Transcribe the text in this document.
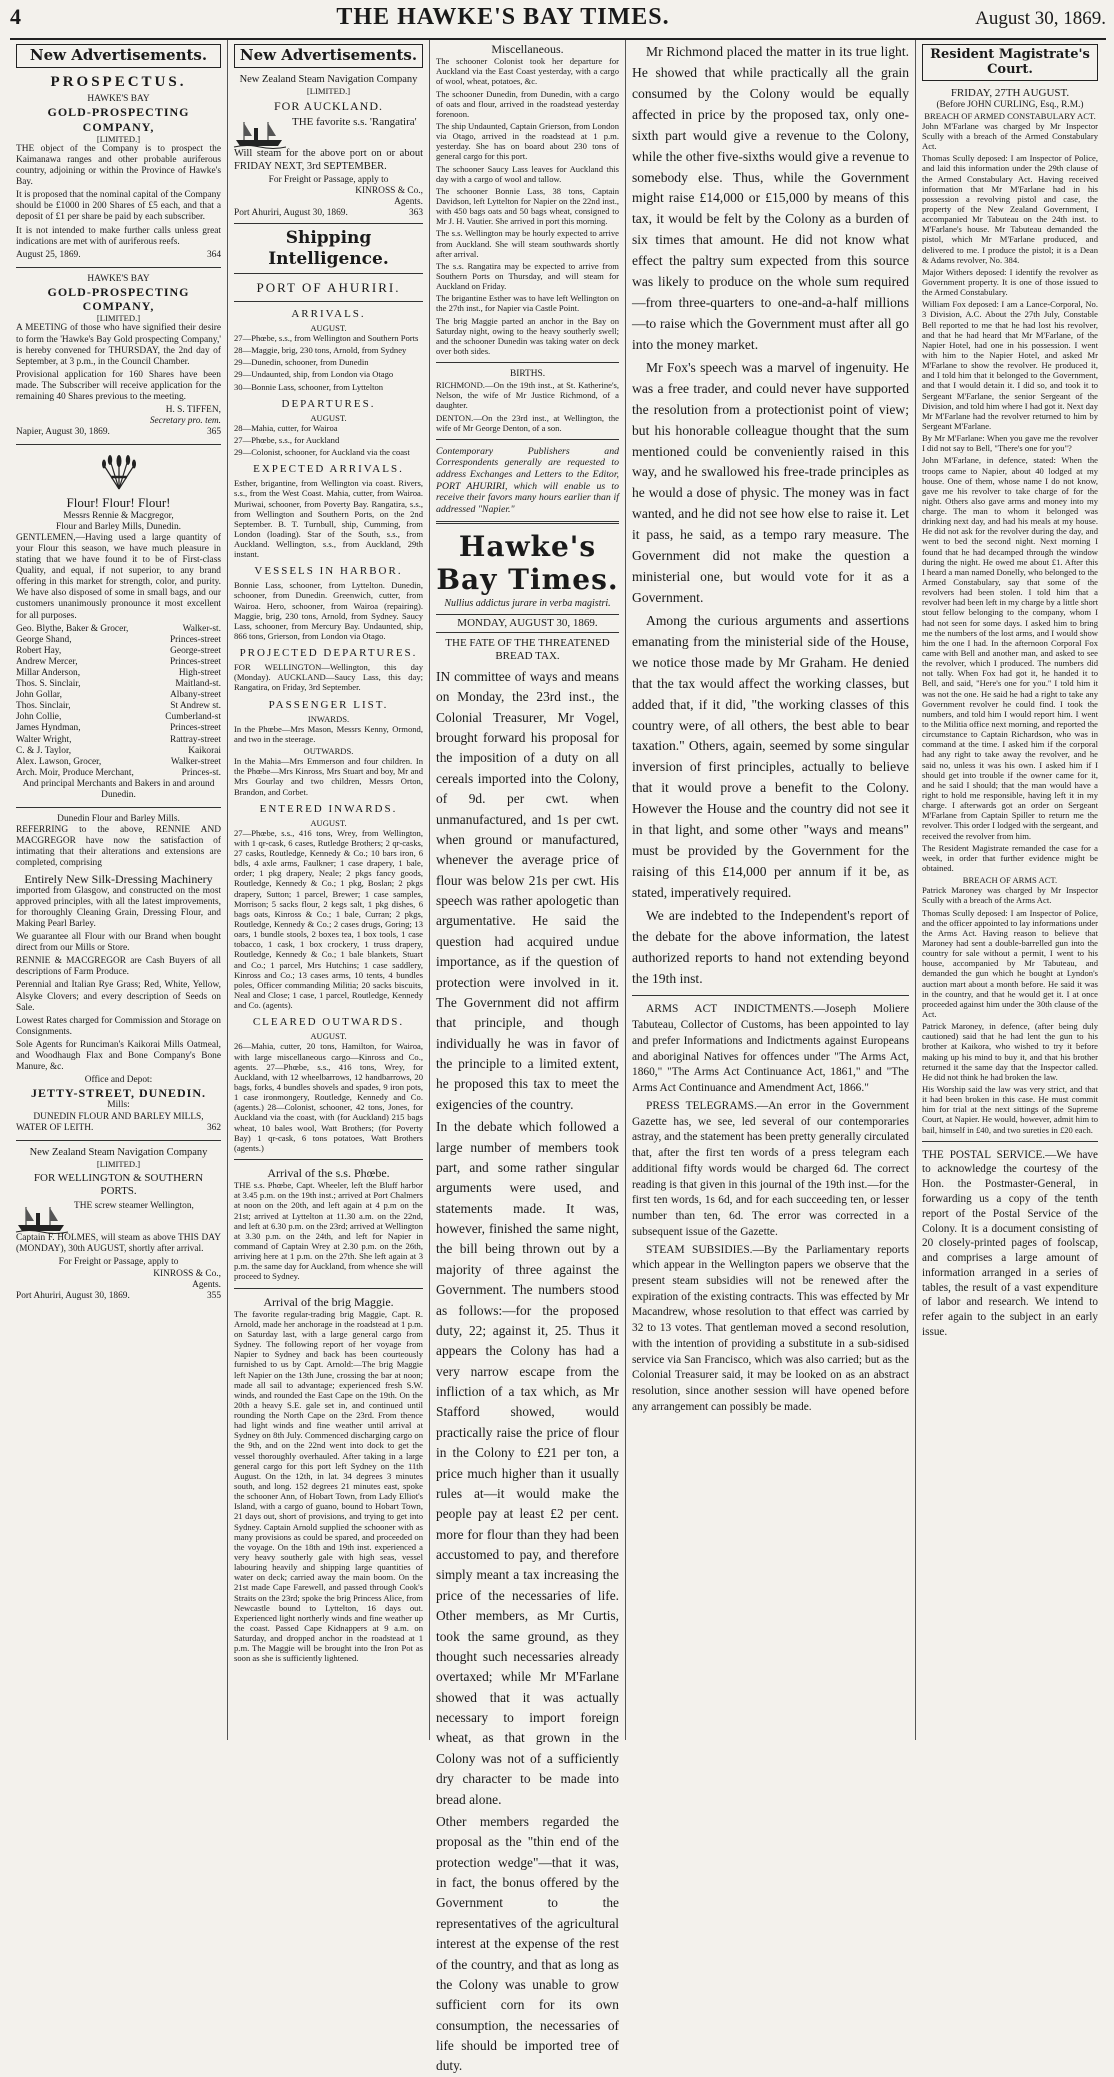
4	THE HAWKE'S BAY TIMES.	August 30, 1869.
New Advertisements.
PROSPECTUS.
HAWKE'S BAY
GOLD-PROSPECTING COMPANY,
[LIMITED.]

THE object of the Company is to prospect the Kaimanawa ranges and other probable auriferous country, adjoining or within the Province of Hawke's Bay.

It is proposed that the nominal capital of the Company should be £1000 in 200 Shares of £5 each, and that a deposit of £1 per share be paid by each subscriber.

It is not intended to make further calls unless great indications are met with of auriferous reefs.

August 25, 1869.	364
HAWKE'S BAY
GOLD-PROSPECTING COMPANY,
[LIMITED.]

A MEETING of those who have signified their desire to form the 'Hawke's Bay Gold prospecting Company,' is hereby convened for THURSDAY, the 2nd day of September, at 3 p.m., in the Council Chamber.

Provisional application for 160 Shares have been made. The Subscriber will receive application for the remaining 40 Shares previous to the meeting.

H. S. TIFFEN,
Secretary pro. tem.
Napier, August 30, 1869.	365
Flour! Flour! Flour!
Messrs Rennie & Macgregor,
Flour and Barley Mills, Dunedin.

GENTLEMEN,—Having used a large quantity of your Flour this season, we have much pleasure in stating that we have found it to be of First-class Quality, and equal, if not superior, to any brand offering in this market for strength, color, and purity. We have also disposed of some in small bags, and our customers unanimously pronounce it most excellent for all purposes.

Geo. Blythe, Baker & Grocer,	Walker-st.
George Shand,	Princes-street
Robert Hay,	George-street
Andrew Mercer,	Princes-street
Millar Anderson,	High-street
Thos. S. Sinclair,	Maitland-st.
John Gollar,	Albany-street
Thos. Sinclair,	St Andrew st.
John Collie,	Cumberland-st
James Hyndman,	Princes-street
Walter Wright,	Rattray-street
C. & J. Taylor,	Kaikorai
Alex. Lawson, Grocer,	Walker-street
Arch. Moir, Produce Merchant,	Princes-st.
And principal Merchants and Bakers in and around Dunedin.
Dunedin Flour and Barley Mills.

REFERRING to the above, RENNIE AND MACGREGOR have now the satisfaction of intimating that their alterations and extensions are completed, comprising

Entirely New Silk-Dressing Machinery

imported from Glasgow, and constructed on the most approved principles, with all the latest improvements, for thoroughly Cleaning Grain, Dressing Flour, and Making Pearl Barley.

We guarantee all Flour with our Brand when bought direct from our Mills or Store.

RENNIE & MACGREGOR are Cash Buyers of all descriptions of Farm Produce.

Perennial and Italian Rye Grass; Red, White, Yellow, Alsyke Clovers; and every description of Seeds on Sale.

Lowest Rates charged for Commission and Storage on Consignments.

Sole Agents for Runciman's Kaikorai Mills Oatmeal, and Woodhaugh Flax and Bone Company's Bone Manure, &c.

Office and Depot:
JETTY-STREET, DUNEDIN.
Mills:
DUNEDIN FLOUR AND BARLEY MILLS,
WATER OF LEITH.	362
New Zealand Steam Navigation Company
[LIMITED.]
FOR WELLINGTON & SOUTHERN PORTS.

THE screw steamer Wellington,

Captain F. HOLMES, will steam as above THIS DAY (MONDAY), 30th AUGUST, shortly after arrival.

For Freight or Passage, apply to
KINROSS & Co.,
Agents.
Port Ahuriri, August 30, 1869.	355
New Advertisements.
New Zealand Steam Navigation Company
[LIMITED.]
FOR AUCKLAND.

THE favorite s.s. 'Rangatira'

Will steam for the above port on or about FRIDAY NEXT, 3rd SEPTEMBER.

For Freight or Passage, apply to
KINROSS & Co.,
Agents.
Port Ahuriri, August 30, 1869.	363
Shipping Intelligence.
PORT OF AHURIRI.
ARRIVALS.
AUGUST.

27—Phœbe, s.s., from Wellington and Southern Ports

28—Maggie, brig, 230 tons, Arnold, from Sydney

29—Dunedin, schooner, from Dunedin

29—Undaunted, ship, from London via Otago

30—Bonnie Lass, schooner, from Lyttelton

DEPARTURES.
AUGUST.

28—Mahia, cutter, for Wairoa

27—Phœbe, s.s., for Auckland

29—Colonist, schooner, for Auckland via the coast

EXPECTED ARRIVALS.

Esther, brigantine, from Wellington via coast. Rivers, s.s., from the West Coast. Mahia, cutter, from Wairoa. Muriwai, schooner, from Poverty Bay. Rangatira, s.s., from Wellington and Southern Ports, on the 2nd September. B. T. Turnbull, ship, Cumming, from London (loading). Star of the South, s.s., from Auckland. Wellington, s.s., from Auckland, 29th instant.

VESSELS IN HARBOR.

Bonnie Lass, schooner, from Lyttelton. Dunedin, schooner, from Dunedin. Greenwich, cutter, from Wairoa. Hero, schooner, from Wairoa (repairing). Maggie, brig, 230 tons, Arnold, from Sydney. Saucy Lass, schooner, from Mercury Bay. Undaunted, ship, 866 tons, Grierson, from London via Otago.

PROJECTED DEPARTURES.

FOR WELLINGTON—Wellington, this day (Monday). AUCKLAND—Saucy Lass, this day; Rangatira, on Friday, 3rd September.

PASSENGER LIST.
INWARDS.

In the Phœbe—Mrs Mason, Messrs Kenny, Ormond, and two in the steerage.

OUTWARDS.

In the Mahia—Mrs Emmerson and four children. In the Phœbe—Mrs Kinross, Mrs Stuart and boy, Mr and Mrs Gourlay and two children, Messrs Orton, Brandon, and Corbet.

ENTERED INWARDS.
AUGUST.

27—Phœbe, s.s., 416 tons, Wrey, from Wellington, with 1 qr-cask, 6 cases, Rutledge Brothers; 2 qr-casks, 27 casks, Routledge, Kennedy & Co.; 10 bars iron, 6 bdls, 4 axle arms, Faulkner; 1 case drapery, 1 bale, order; 1 pkg drapery, Neale; 2 pkgs fancy goods, Routledge, Kennedy & Co.; 1 pkg, Boslan; 2 pkgs drapery, Sutton; 1 parcel, Brewer; 1 case samples, Morrison; 5 sacks flour, 2 kegs salt, 1 pkg dishes, 6 bags oats, Kinross & Co.; 1 bale, Curran; 2 pkgs, Routledge, Kennedy & Co.; 2 cases drugs, Goring; 13 oars, 1 bundle stools, 2 boxes tea, 1 box tools, 1 case tobacco, 1 cask, 1 box crockery, 1 truss drapery, Routledge, Kennedy & Co.; 1 bale blankets, Stuart and Co.; 1 parcel, Mrs Hutchins; 1 case saddlery, Kinross and Co.; 13 cases arms, 10 tents, 4 bundles poles, Officer commanding Militia; 20 sacks biscuits, Neal and Close; 1 case, 1 parcel, Routledge, Kennedy and Co. (agents).

CLEARED OUTWARDS.
AUGUST.

26—Mahia, cutter, 20 tons, Hamilton, for Wairoa, with large miscellaneous cargo—Kinross and Co., agents. 27—Phœbe, s.s., 416 tons, Wrey, for Auckland, with 12 wheelbarrows, 12 handbarrows, 20 bags, forks, 4 bundles shovels and spades, 9 iron pots, 1 case ironmongery, Routledge, Kennedy and Co. (agents.) 28—Colonist, schooner, 42 tons, Jones, for Auckland via the coast, with (for Auckland) 215 bags wheat, 10 bales wool, Watt Brothers; (for Poverty Bay) 1 qr-cask, 6 tons potatoes, Watt Brothers (agents.)

Arrival of the s.s. Phœbe.

THE s.s. Phœbe, Capt. Wheeler, left the Bluff harbor at 3.45 p.m. on the 19th inst.; arrived at Port Chalmers at noon on the 20th, and left again at 4 p.m on the 21st; arrived at Lyttelton at 11.30 a.m. on the 22nd, and left at 6.30 p.m. on the 23rd; arrived at Wellington at 3.30 p.m. on the 24th, and left for Napier in command of Captain Wrey at 2.30 p.m. on the 26th, arriving here at 1 p.m. on the 27th. She left again at 3 p.m. the same day for Auckland, from whence she will proceed to Sydney.

Arrival of the brig Maggie.

The favorite regular-trading brig Maggie, Capt. R. Arnold, made her anchorage in the roadstead at 1 p.m. on Saturday last, with a large general cargo from Sydney. The following report of her voyage from Napier to Sydney and back has been courteously furnished to us by Capt. Arnold:—The brig Maggie left Napier on the 13th June, crossing the bar at noon; made all sail to advantage; experienced fresh S.W. winds, and rounded the East Cape on the 19th. On the 20th a heavy S.E. gale set in, and continued until rounding the North Cape on the 23rd. From thence had light winds and fine weather until arrival at Sydney on 8th July. Commenced discharging cargo on the 9th, and on the 22nd went into dock to get the vessel thoroughly overhauled. After taking in a large general cargo for this port left Sydney on the 11th August. On the 12th, in lat. 34 degrees 3 minutes south, and long. 152 degrees 21 minutes east, spoke the schooner Ann, of Hobart Town, from Lady Elliot's Island, with a cargo of guano, bound to Hobart Town, 21 days out, short of provisions, and trying to get into Sydney. Captain Arnold supplied the schooner with as many provisions as could be spared, and proceeded on the voyage. On the 18th and 19th inst. experienced a very heavy southerly gale with high seas, vessel labouring heavily and shipping large quantities of water on deck; carried away the main boom. On the 21st made Cape Farewell, and passed through Cook's Straits on the 23rd; spoke the brig Princess Alice, from Newcastle bound to Lyttelton, 16 days out. Experienced light northerly winds and fine weather up the coast. Passed Cape Kidnappers at 9 a.m. on Saturday, and dropped anchor in the roadstead at 1 p.m. The Maggie will be brought into the Iron Pot as soon as she is sufficiently lightened.

Miscellaneous.

The schooner Colonist took her departure for Auckland via the East Coast yesterday, with a cargo of wool, wheat, potatoes, &c.

The schooner Dunedin, from Dunedin, with a cargo of oats and flour, arrived in the roadstead yesterday forenoon.

The ship Undaunted, Captain Grierson, from London via Otago, arrived in the roadstead at 1 p.m. yesterday. She has on board about 230 tons of general cargo for this port.

The schooner Saucy Lass leaves for Auckland this day with a cargo of wool and tallow.

The schooner Bonnie Lass, 38 tons, Captain Davidson, left Lyttelton for Napier on the 22nd inst., with 450 bags oats and 50 bags wheat, consigned to Mr J. H. Vautier. She arrived in port this morning.

The s.s. Wellington may be hourly expected to arrive from Auckland. She will steam southwards shortly after arrival.

The s.s. Rangatira may be expected to arrive from Southern Ports on Thursday, and will steam for Auckland on Friday.

The brigantine Esther was to have left Wellington on the 27th inst., for Napier via Castle Point.

The brig Maggie parted an anchor in the Bay on Saturday night, owing to the heavy southerly swell; and the schooner Dunedin was taking water on deck over both sides.

BIRTHS.

RICHMOND.—On the 19th inst., at St. Katherine's, Nelson, the wife of Mr Justice Richmond, of a daughter.

DENTON.—On the 23rd inst., at Wellington, the wife of Mr George Denton, of a son.

Contemporary Publishers and Correspondents generally are requested to address Exchanges and Letters to the Editor, PORT AHURIRI, which will enable us to receive their favors many hours earlier than if addressed "Napier."

Hawke's Bay Times.
Nullius addictus jurare in verba magistri.
MONDAY, AUGUST 30, 1869.
THE FATE OF THE THREATENED BREAD TAX.

IN committee of ways and means on Monday, the 23rd inst., the Colonial Treasurer, Mr Vogel, brought forward his proposal for the imposition of a duty on all cereals imported into the Colony, of 9d. per cwt. when unmanufactured, and 1s per cwt. when ground or manufactured, whenever the average price of flour was below 21s per cwt. His speech was rather apologetic than argumentative. He said the question had acquired undue importance, as if the question of protection were involved in it. The Government did not affirm that principle, and though individually he was in favor of the principle to a limited extent, he proposed this tax to meet the exigencies of the country.

In the debate which followed a large number of members took part, and some rather singular arguments were used, and statements made. It was, however, finished the same night, the bill being thrown out by a majority of three against the Government. The numbers stood as follows:—for the proposed duty, 22; against it, 25. Thus it appears the Colony has had a very narrow escape from the infliction of a tax which, as Mr Stafford showed, would practically raise the price of flour in the Colony to £21 per ton, a price much higher than it usually rules at—it would make the people pay at least £2 per cent. more for flour than they had been accustomed to pay, and therefore simply meant a tax increasing the price of the necessaries of life. Other members, as Mr Curtis, took the same ground, as they thought such necessaries already overtaxed; while Mr M'Farlane showed that it was actually necessary to import foreign wheat, as that grown in the Colony was not of a sufficiently dry character to be made into bread alone.

Other members regarded the proposal as the "thin end of the protection wedge"—that it was, in fact, the bonus offered by the Government to the representatives of the agricultural interest at the expense of the rest of the country, and that as long as the Colony was unable to grow sufficient corn for its own consumption, the necessaries of life should be imported tree of duty.

Mr Richmond placed the matter in its true light. He showed that while practically all the grain consumed by the Colony would be equally affected in price by the proposed tax, only one-sixth part would give a revenue to the Colony, while the other five-sixths would give a revenue to somebody else. Thus, while the Government might raise £14,000 or £15,000 by means of this tax, it would be felt by the Colony as a burden of six times that amount. He did not know what effect the paltry sum expected from this source was likely to produce on the whole sum required—from three-quarters to one-and-a-half millions—to raise which the Government must after all go into the money market.

Mr Fox's speech was a marvel of ingenuity. He was a free trader, and could never have supported the resolution from a protectionist point of view; but his honorable colleague thought that the sum mentioned could be conveniently raised in this way, and he swallowed his free-trade principles as he would a dose of physic. The money was in fact wanted, and he did not see how else to raise it. Let it pass, he said, as a tempo rary measure. The Government did not make the question a ministerial one, but would vote for it as a Government.

Among the curious arguments and assertions emanating from the ministerial side of the House, we notice those made by Mr Graham. He denied that the tax would affect the working classes, but added that, if it did, "the working classes of this country were, of all others, the best able to bear taxation." Others, again, seemed by some singular inversion of first principles, actually to believe that it would prove a benefit to the Colony. However the House and the country did not see it in that light, and some other "ways and means" must be provided by the Government for the raising of this £14,000 per annum if it be, as stated, imperatively required.

We are indebted to the Independent's report of the debate for the above information, the latest authorized reports to hand not extending beyond the 19th inst.

ARMS ACT INDICTMENTS.—Joseph Moliere Tabuteau, Collector of Customs, has been appointed to lay and prefer Informations and Indictments against Europeans and aboriginal Natives for offences under "The Arms Act, 1860," "The Arms Act Continuance Act, 1861," and "The Arms Act Continuance and Amendment Act, 1866."

PRESS TELEGRAMS.—An error in the Government Gazette has, we see, led several of our contemporaries astray, and the statement has been pretty generally circulated that, after the first ten words of a press telegram each additional fifty words would be charged 6d. The correct reading is that given in this journal of the 19th inst.—for the first ten words, 1s 6d, and for each succeeding ten, or lesser number than ten, 6d. The error was corrected in a subsequent issue of the Gazette.

STEAM SUBSIDIES.—By the Parliamentary reports which appear in the Wellington papers we observe that the present steam subsidies will not be renewed after the expiration of the existing contracts. This was effected by Mr Macandrew, whose resolution to that effect was carried by 32 to 13 votes. That gentleman moved a second resolution, with the intention of providing a substitute in a sub-sidised service via San Francisco, which was also carried; but as the Colonial Treasurer said, it may be looked on as an abstract resolution, since another session will have opened before any arrangement can possibly be made.

Resident Magistrate's Court.
FRIDAY, 27TH AUGUST.
(Before JOHN CURLING, Esq., R.M.)
BREACH OF ARMED CONSTABULARY ACT.

John M'Farlane was charged by Mr Inspector Scully with a breach of the Armed Constabulary Act.

Thomas Scully deposed: I am Inspector of Police, and laid this information under the 29th clause of the Armed Constabulary Act. Having received information that Mr M'Farlane had in his possession a revolving pistol and case, the property of the New Zealand Government, I accompanied Mr Tabuteau on the 24th inst. to M'Farlane's house. Mr Tabuteau demanded the pistol, which Mr M'Farlane produced, and delivered to me. I produce the pistol; it is a Dean & Adams revolver, No. 384.

Major Withers deposed: I identify the revolver as Government property. It is one of those issued to the Armed Constabulary.

William Fox deposed: I am a Lance-Corporal, No. 3 Division, A.C. About the 27th July, Constable Bell reported to me that he had lost his revolver, and that he had heard that Mr M'Farlane, of the Napier Hotel, had one in his possession. I went with him to the Napier Hotel, and asked Mr M'Farlane to show the revolver. He produced it, and I told him that it belonged to the Government, and that I would detain it. I did so, and took it to Sergeant M'Farlane, the senior Sergeant of the Division, and told him where I had got it. Next day Mr M'Farlane had the revolver returned to him by Sergeant M'Farlane.

By Mr M'Farlane: When you gave me the revolver I did not say to Bell, "There's one for you"?

John M'Farlane, in defence, stated: When the troops came to Napier, about 40 lodged at my house. One of them, whose name I do not know, gave me his revolver to take charge of for the night. Others also gave arms and money into my charge. The man to whom it belonged was drinking next day, and had his meals at my house. He did not ask for the revolver during the day, and went to bed the second night. Next morning I found that he had decamped through the window during the night. He owed me about £1. After this I heard a man named Donelly, who belonged to the Armed Constabulary, say that some of the revolvers had been stolen. I told him that a revolver had been left in my charge by a little short stout fellow belonging to the company, whom I had not seen for some days. I asked him to bring me the numbers of the lost arms, and I would show him the one I had. In the afternoon Corporal Fox came with Bell and another man, and asked to see the revolver, which I produced. The numbers did not tally. When Fox had got it, he handed it to Bell, and said, "Here's one for you." I told him it was not the one. He said he had a right to take any Government revolver he could find. I took the numbers, and told him I would report him. I went to the Militia office next morning, and reported the circumstance to Captain Richardson, who was in command at the time. I asked him if the corporal had any right to take away the revolver, and he said no, unless it was his own. I asked him if I should get into trouble if the owner came for it, and he said I should; that the man would have a right to hold me responsible, having left it in my charge. I afterwards got an order on Sergeant M'Farlane from Captain Spiller to return me the revolver. This order I lodged with the sergeant, and received the revolver from him.

The Resident Magistrate remanded the case for a week, in order that further evidence might be obtained.

BREACH OF ARMS ACT.

Patrick Maroney was charged by Mr Inspector Scully with a breach of the Arms Act.

Thomas Scully deposed: I am Inspector of Police, and the officer appointed to lay informations under the Arms Act. Having reason to believe that Maroney had sent a double-barrelled gun into the country for sale without a permit, I went to his house, accompanied by Mr Tabuteau, and demanded the gun which he bought at Lyndon's auction mart about a month before. He said it was in the country, and that he would get it. I at once proceeded against him under the 30th clause of the Act.

Patrick Maroney, in defence, (after being duly cautioned) said that he had lent the gun to his brother at Kaikora, who wished to try it before making up his mind to buy it, and that his brother returned it the same day that the Inspector called. He did not think he had broken the law.

His Worship said the law was very strict, and that it had been broken in this case. He must commit him for trial at the next sittings of the Supreme Court, at Napier. He would, however, admit him to bail, himself in £40, and two sureties in £20 each.

THE POSTAL SERVICE.—We have to acknowledge the courtesy of the Hon. the Postmaster-General, in forwarding us a copy of the tenth report of the Postal Service of the Colony. It is a document consisting of 20 closely-printed pages of foolscap, and comprises a large amount of information arranged in a series of tables, the result of a vast expenditure of labor and research. We intend to refer again to the subject in an early issue.
